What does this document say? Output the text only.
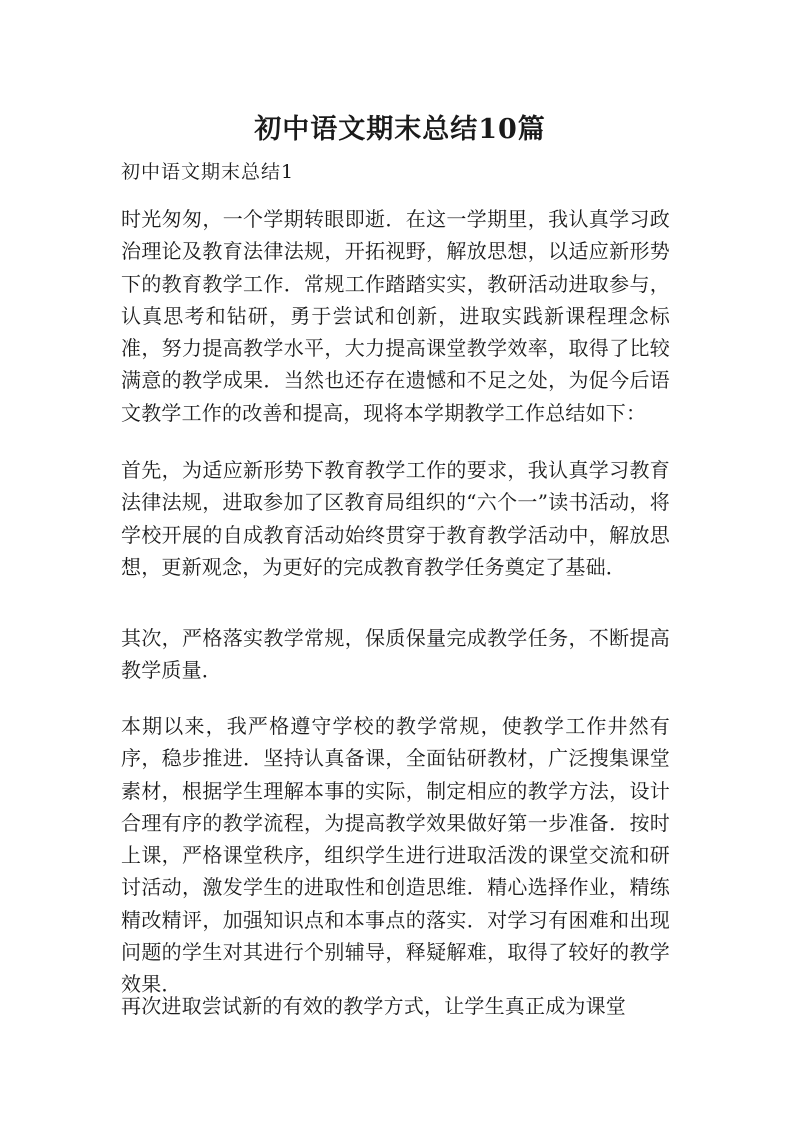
初中语文期末总结10篇
初中语文期末总结1

时光匆匆，一个学期转眼即逝．在这一学期里，我认真学习政治理论及教育法律法规，开拓视野，解放思想，以适应新形势下的教育教学工作．常规工作踏踏实实，教研活动进取参与，认真思考和钻研，勇于尝试和创新，进取实践新课程理念标准，努力提高教学水平，大力提高课堂教学效率，取得了比较满意的教学成果．当然也还存在遗憾和不足之处，为促今后语文教学工作的改善和提高，现将本学期教学工作总结如下：

首先，为适应新形势下教育教学工作的要求，我认真学习教育法律法规，进取参加了区教育局组织的“六个一”读书活动，将学校开展的自成教育活动始终贯穿于教育教学活动中，解放思想，更新观念，为更好的完成教育教学任务奠定了基础．

其次，严格落实教学常规，保质保量完成教学任务，不断提高教学质量．

本期以来，我严格遵守学校的教学常规，使教学工作井然有序，稳步推进．坚持认真备课，全面钻研教材，广泛搜集课堂素材，根据学生理解本事的实际，制定相应的教学方法，设计合理有序的教学流程，为提高教学效果做好第一步准备．按时上课，严格课堂秩序，组织学生进行进取活泼的课堂交流和研讨活动，激发学生的进取性和创造思维．精心选择作业，精练精改精评，加强知识点和本事点的落实．对学习有困难和出现问题的学生对其进行个别辅导，释疑解难，取得了较好的教学效果．

再次进取尝试新的有效的教学方式，让学生真正成为课堂
